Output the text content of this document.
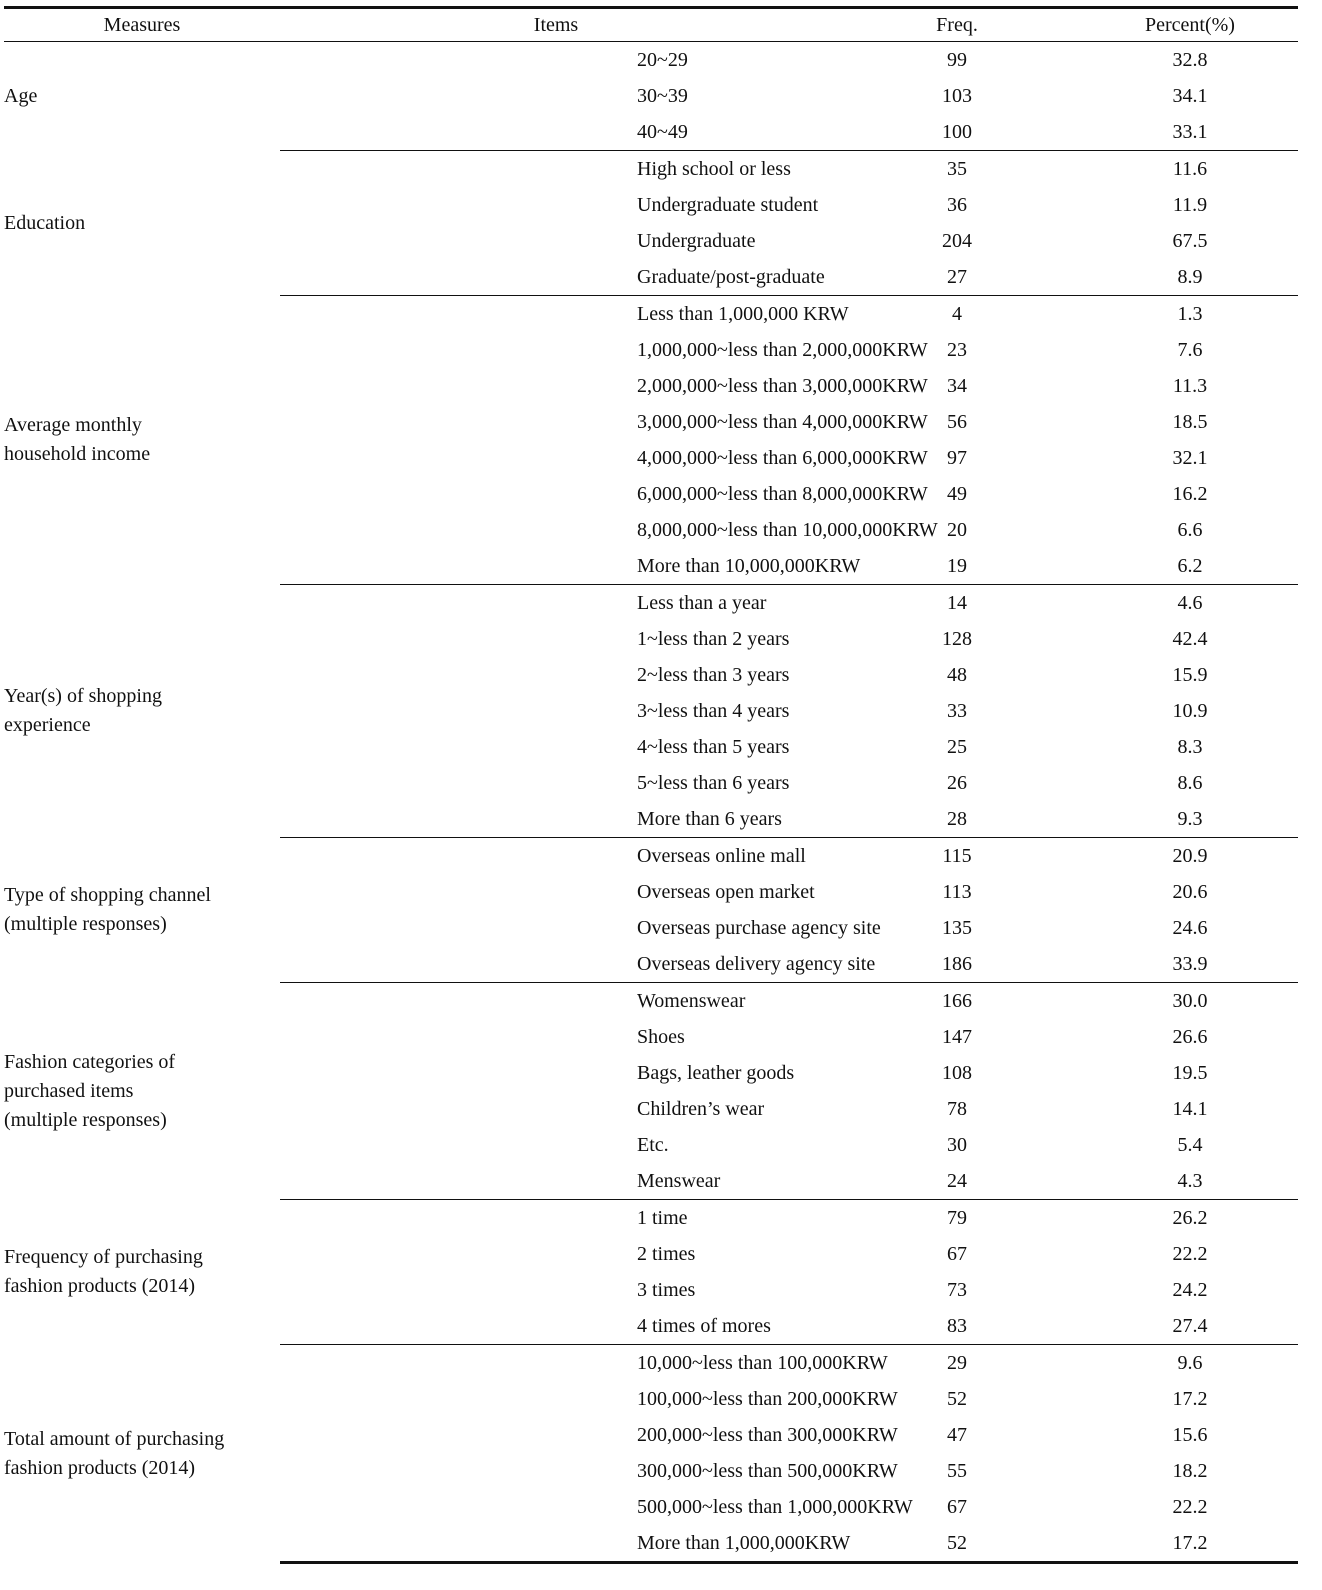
Measures	Items	Freq.	Percent(%)

Age	20~29	99	32.8
	30~39	103	34.1
	40~49	100	33.1

Education	High school or less	35	11.6
	Undergraduate student	36	11.9
	Undergraduate	204	67.5
	Graduate/post-graduate	27	8.9

Average monthly
household income	Less than 1,000,000 KRW	4	1.3
	1,000,000~less than 2,000,000KRW	23	7.6
	2,000,000~less than 3,000,000KRW	34	11.3
	3,000,000~less than 4,000,000KRW	56	18.5
	4,000,000~less than 6,000,000KRW	97	32.1
	6,000,000~less than 8,000,000KRW	49	16.2
	8,000,000~less than 10,000,000KRW	20	6.6
	More than 10,000,000KRW	19	6.2

Year(s) of shopping
experience	Less than a year	14	4.6
	1~less than 2 years	128	42.4
	2~less than 3 years	48	15.9
	3~less than 4 years	33	10.9
	4~less than 5 years	25	8.3
	5~less than 6 years	26	8.6
	More than 6 years	28	9.3

Type of shopping channel
(multiple responses)	Overseas online mall	115	20.9
	Overseas open market	113	20.6
	Overseas purchase agency site	135	24.6
	Overseas delivery agency site	186	33.9

Fashion categories of
purchased items
(multiple responses)	Womenswear	166	30.0
	Shoes	147	26.6
	Bags, leather goods	108	19.5
	Children’s wear	78	14.1
	Etc.	30	5.4
	Menswear	24	4.3

Frequency of purchasing
fashion products (2014)	1 time	79	26.2
	2 times	67	22.2
	3 times	73	24.2
	4 times of mores	83	27.4

Total amount of purchasing
fashion products (2014)	10,000~less than 100,000KRW	29	9.6
	100,000~less than 200,000KRW	52	17.2
	200,000~less than 300,000KRW	47	15.6
	300,000~less than 500,000KRW	55	18.2
	500,000~less than 1,000,000KRW	67	22.2
	More than 1,000,000KRW	52	17.2
